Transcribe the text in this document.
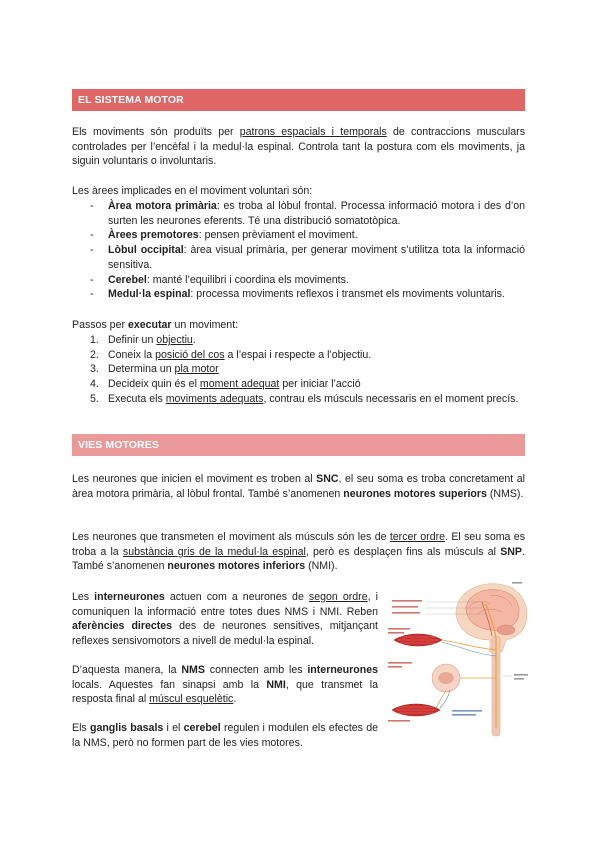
EL SISTEMA MOTOR

Els moviments són produïts per patrons espacials i temporals de contraccions musculars controlades per l’encèfal i la medul·la espinal. Controla tant la postura com els moviments, ja siguin voluntaris o involuntaris.

Les àrees implicades en el moviment voluntari són:

- Àrea motora primària: es troba al lòbul frontal. Processa informació motora i des d’on surten les neurones eferents. Té una distribució somatotòpica.
- Àrees premotores: pensen prèviament el moviment.
- Lòbul occipital: àrea visual primària, per generar moviment s’utilitza tota la informació sensitiva.
- Cerebel: manté l’equilibri i coordina els moviments.
- Medul·la espinal: processa moviments reflexos i transmet els moviments voluntaris.

Passos per executar un moviment:

1. Definir un objectiu.
2. Coneix la posició del cos a l’espai i respecte a l’objectiu.
3. Determina un pla motor
4. Decideix quin és el moment adequat per iniciar l’acció
5. Executa els moviments adequats, contrau els músculs necessaris en el moment precís.
VIES MOTORES

Les neurones que inicien el moviment es troben al SNC, el seu soma es troba concretament al àrea motora primària, al lòbul frontal. També s’anomenen neurones motores superiors (NMS).

Les neurones que transmeten el moviment als músculs són les de tercer ordre. El seu soma es troba a la substància gris de la medul·la espinal, però es desplaçen fins als músculs al SNP. També s’anomenen neurones motores inferiors (NMI).

Les interneurones actuen com a neurones de segon ordre, i comuniquen la informació entre totes dues NMS i NMI. Reben aferències directes des de neurones sensitives, mitjançant reflexes sensivomotors a nivell de medul·la espinal.

D’aquesta manera, la NMS connecten amb les interneurones locals. Aquestes fan sinapsi amb la NMI, que transmet la resposta final al múscul esquelètic.

Els ganglis basals i el cerebel regulen i modulen els efectes de la NMS, però no formen part de les vies motores.
